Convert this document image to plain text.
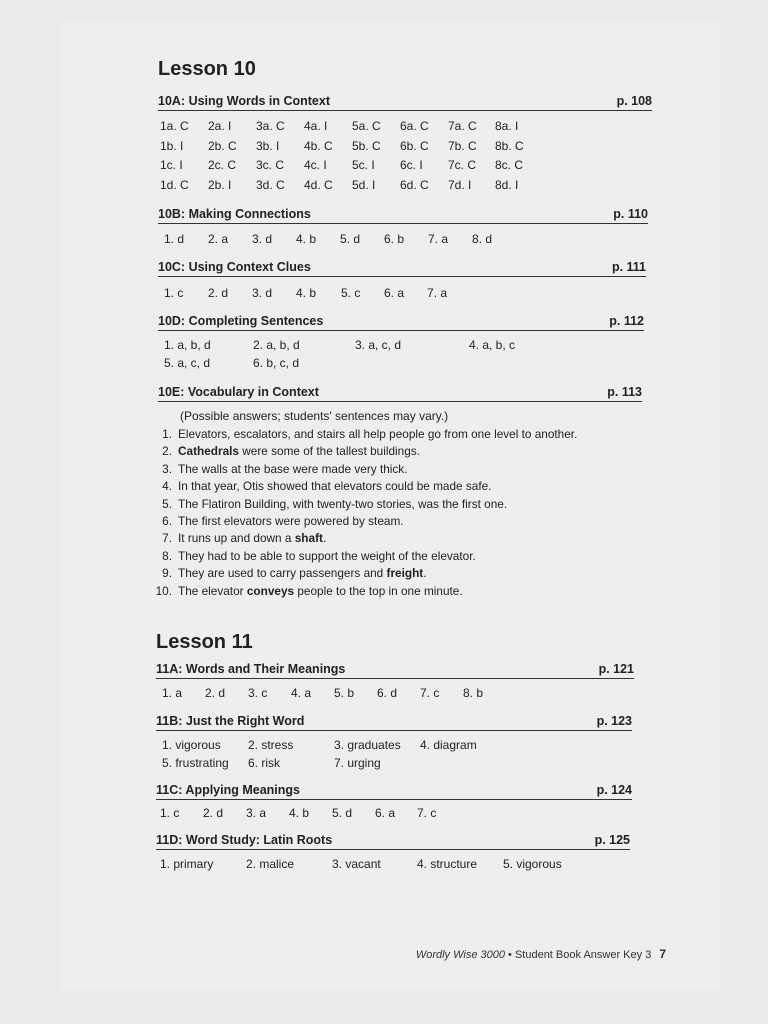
Lesson 10
10A: Using Words in Context	p. 108
1a. C 2a. I 3a. C 4a. I 5a. C 6a. C 7a. C 8a. I
1b. I 2b. C 3b. I 4b. C 5b. C 6b. C 7b. C 8b. C
1c. I 2c. C 3c. C 4c. I 5c. I 6c. I 7c. C 8c. C
1d. C 2b. I 3d. C 4d. C 5d. I 6d. C 7d. I 8d. I
10B: Making Connections	p. 110
1. d 2. a 3. d 4. b 5. d 6. b 7. a 8. d
10C: Using Context Clues	p. 111
1. c 2. d 3. d 4. b 5. c 6. a 7. a
10D: Completing Sentences	p. 112
1. a, b, d	2. a, b, d	3. a, c, d	4. a, b, c
5. a, c, d	6. b, c, d
10E: Vocabulary in Context	p. 113
(Possible answers; students' sentences may vary.)
1. Elevators, escalators, and stairs all help people go from one level to another.
2. Cathedrals were some of the tallest buildings.
3. The walls at the base were made very thick.
4. In that year, Otis showed that elevators could be made safe.
5. The Flatiron Building, with twenty-two stories, was the first one.
6. The first elevators were powered by steam.
7. It runs up and down a shaft.
8. They had to be able to support the weight of the elevator.
9. They are used to carry passengers and freight.
10. The elevator conveys people to the top in one minute.
Lesson 11
11A: Words and Their Meanings	p. 121
1. a 2. d 3. c 4. a 5. b 6. d 7. c 8. b
11B: Just the Right Word	p. 123
1. vigorous 2. stress	3. graduates 4. diagram
5. frustrating 6. risk	7. urging
11C: Applying Meanings	p. 124
1. c 2. d 3. a 4. b 5. d 6. a 7. c
11D: Word Study: Latin Roots	p. 125
1. primary	2. malice	3. vacant	4. structure 5. vigorous
Wordly Wise 3000 • Student Book Answer Key 3 7
